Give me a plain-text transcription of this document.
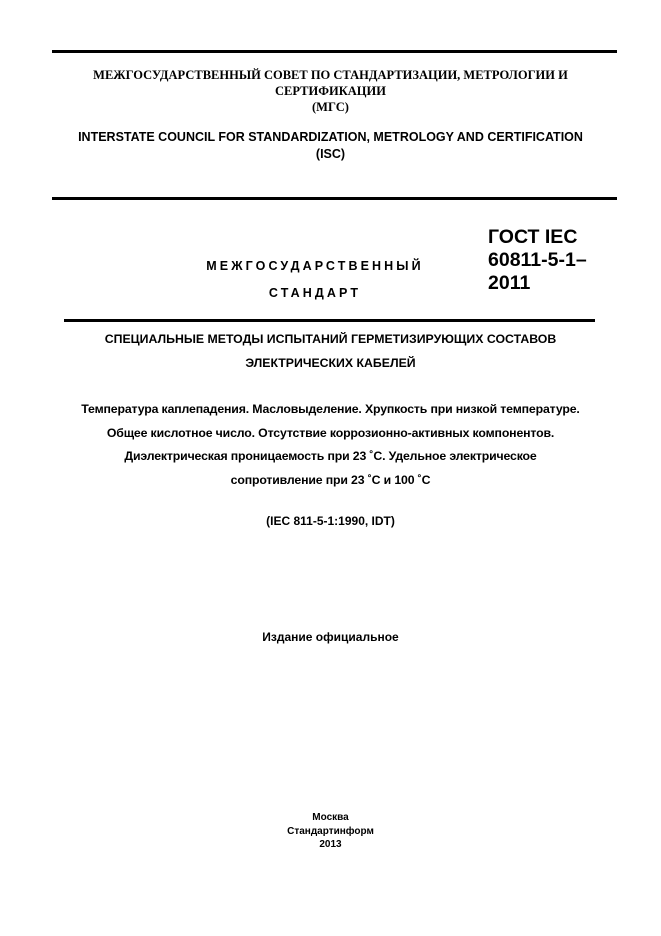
МЕЖГОСУДАРСТВЕННЫЙ СОВЕТ ПО СТАНДАРТИЗАЦИИ, МЕТРОЛОГИИ И
СЕРТИФИКАЦИИ
(МГС)
INTERSTATE COUNCIL FOR STANDARDIZATION, METROLOGY AND CERTIFICATION
(ISC)
МЕЖГОСУДАРСТВЕННЫЙ
СТАНДАРТ
ГОСТ IEC
60811-5-1–
2011
СПЕЦИАЛЬНЫЕ МЕТОДЫ ИСПЫТАНИЙ ГЕРМЕТИЗИРУЮЩИХ СОСТАВОВ
ЭЛЕКТРИЧЕСКИХ КАБЕЛЕЙ
Температура каплепадения. Масловыделение. Хрупкость при низкой температуре.
Общее кислотное число. Отсутствие коррозионно-активных компонентов.
Диэлектрическая проницаемость при 23 ˚С. Удельное электрическое
сопротивление при 23 ˚С и 100 ˚С
(IEC 811-5-1:1990, IDT)
Издание официальное
Москва
Стандартинформ
2013
